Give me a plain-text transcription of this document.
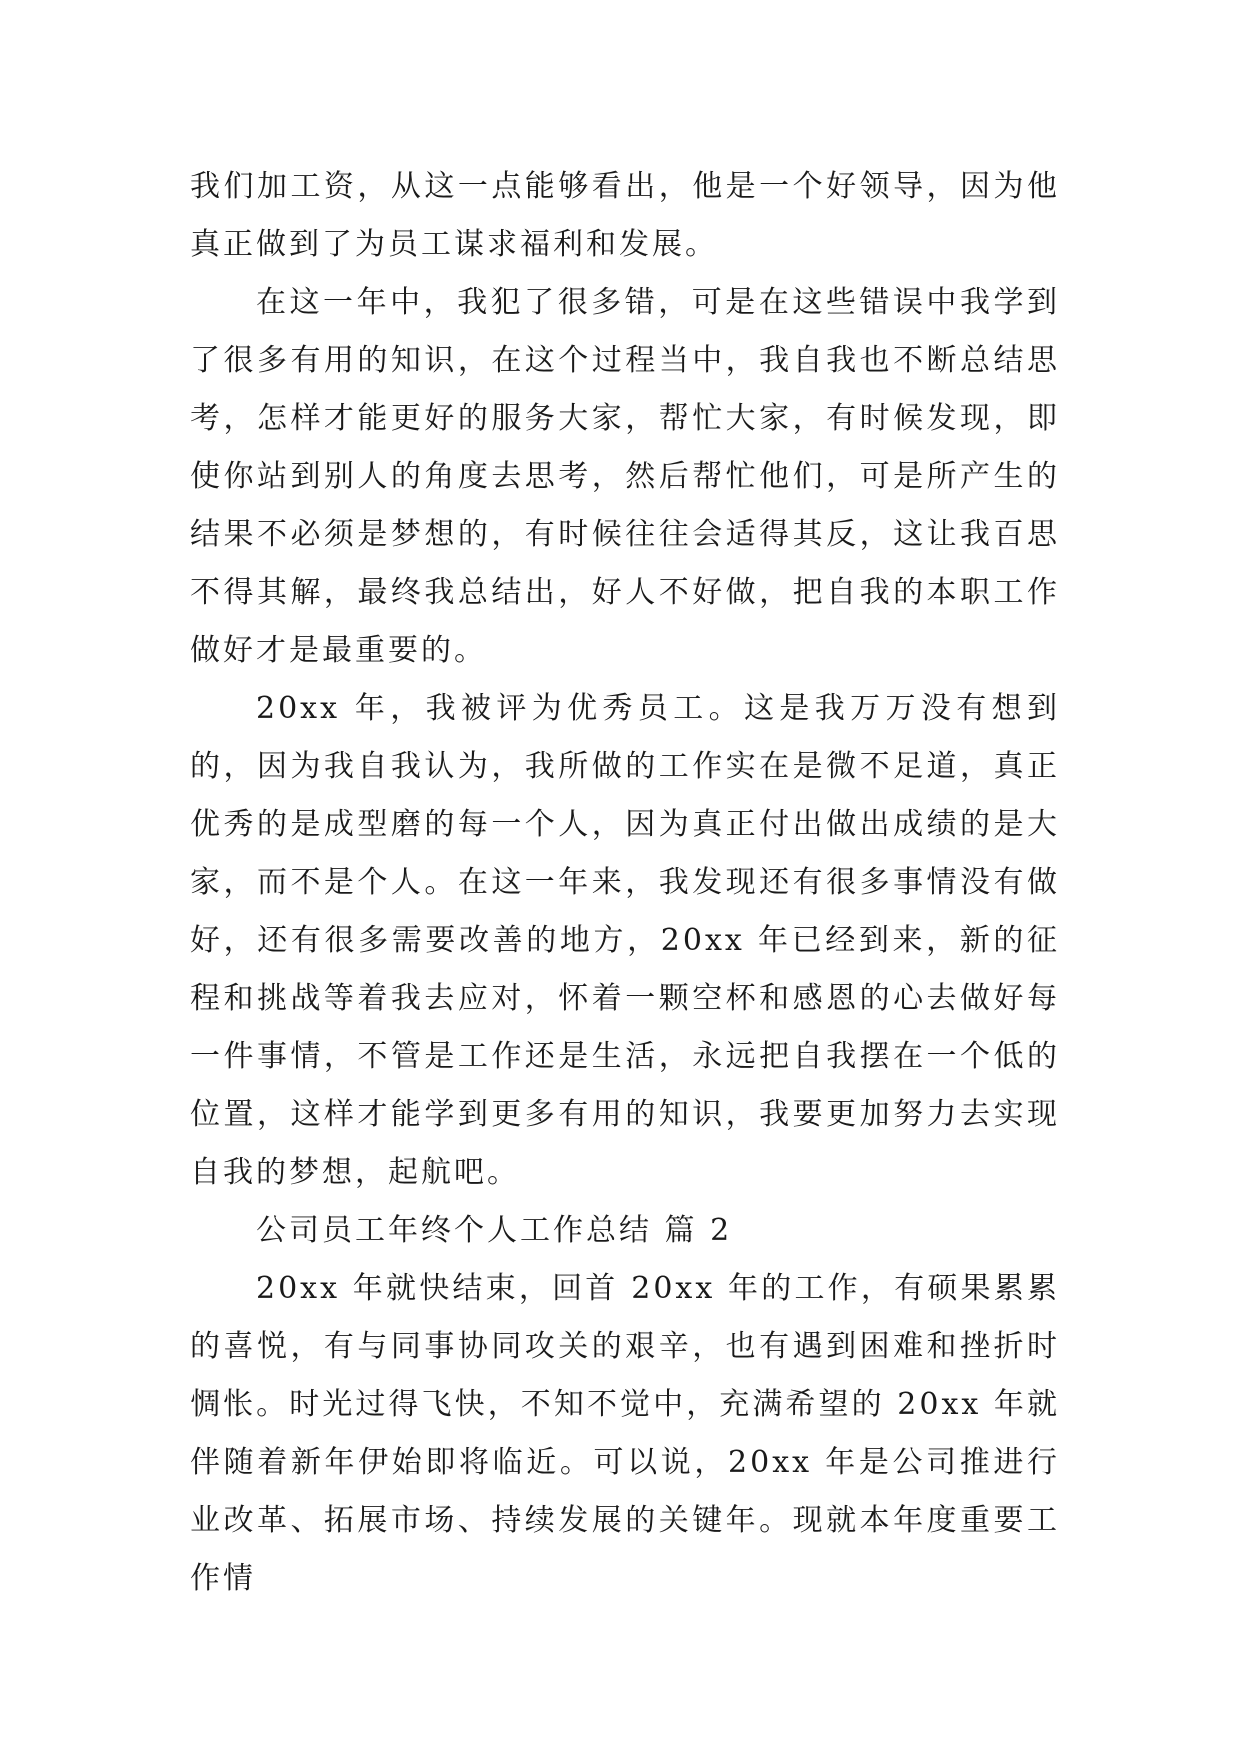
我们加工资，从这一点能够看出，他是一个好领导，因为他真正做到了为员工谋求福利和发展。

在这一年中，我犯了很多错，可是在这些错误中我学到了很多有用的知识，在这个过程当中，我自我也不断总结思考，怎样才能更好的服务大家，帮忙大家，有时候发现，即使你站到别人的角度去思考，然后帮忙他们，可是所产生的结果不必须是梦想的，有时候往往会适得其反，这让我百思不得其解，最终我总结出，好人不好做，把自我的本职工作做好才是最重要的。

20xx 年，我被评为优秀员工。这是我万万没有想到的，因为我自我认为，我所做的工作实在是微不足道，真正优秀的是成型磨的每一个人，因为真正付出做出成绩的是大家，而不是个人。在这一年来，我发现还有很多事情没有做好，还有很多需要改善的地方，20xx 年已经到来，新的征程和挑战等着我去应对，怀着一颗空杯和感恩的心去做好每一件事情，不管是工作还是生活，永远把自我摆在一个低的位置，这样才能学到更多有用的知识，我要更加努力去实现自我的梦想，起航吧。

公司员工年终个人工作总结 篇 2

20xx 年就快结束，回首 20xx 年的工作，有硕果累累的喜悦，有与同事协同攻关的艰辛，也有遇到困难和挫折时惆怅。时光过得飞快，不知不觉中，充满希望的 20xx 年就伴随着新年伊始即将临近。可以说，20xx 年是公司推进行业改革、拓展市场、持续发展的关键年。现就本年度重要工作情
